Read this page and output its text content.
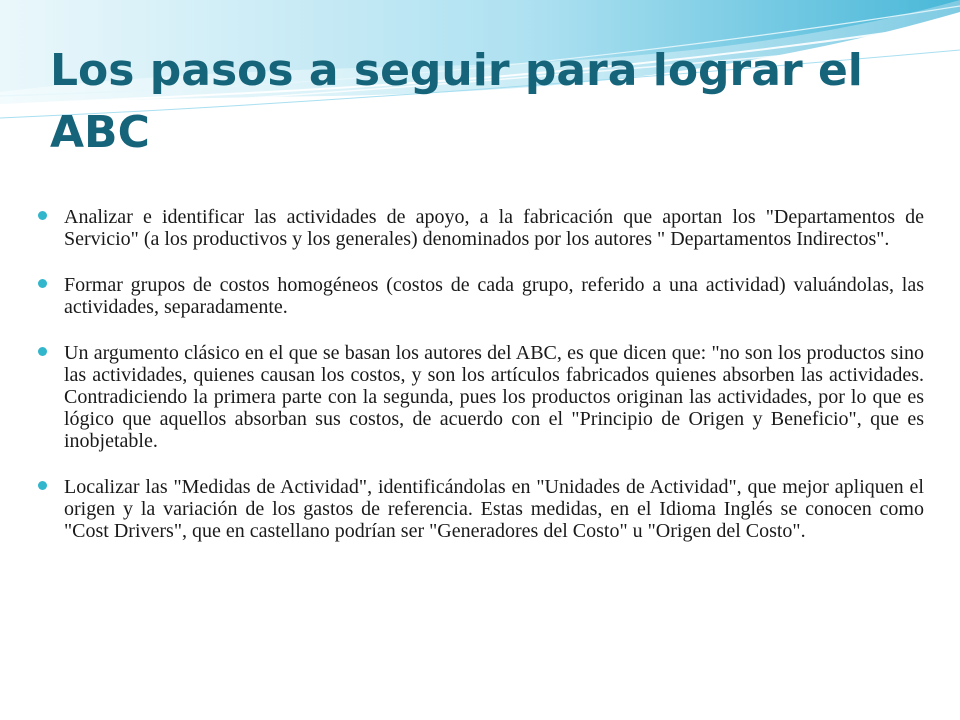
Los pasos a seguir para lograr el ABC
Analizar e identificar las actividades de apoyo, a la fabricación que aportan los "Departamentos de Servicio" (a los productivos y los generales) denominados por los autores " Departamentos Indirectos".
Formar grupos de costos homogéneos (costos de cada grupo, referido a una actividad) valuándolas, las actividades, separadamente.
Un argumento clásico en el que se basan los autores del ABC, es que dicen que: "no son los productos sino las actividades, quienes causan los costos, y son los artículos fabricados quienes absorben las actividades. Contradiciendo la primera parte con la segunda, pues los productos originan las actividades, por lo que es lógico que aquellos absorban sus costos, de acuerdo con el "Principio de Origen y Beneficio", que es inobjetable.
Localizar las "Medidas de Actividad", identificándolas en "Unidades de Actividad", que mejor apliquen el origen y la variación de los gastos de referencia. Estas medidas, en el Idioma Inglés se conocen como "Cost Drivers", que en castellano podrían ser "Generadores del Costo" u "Origen del Costo".
